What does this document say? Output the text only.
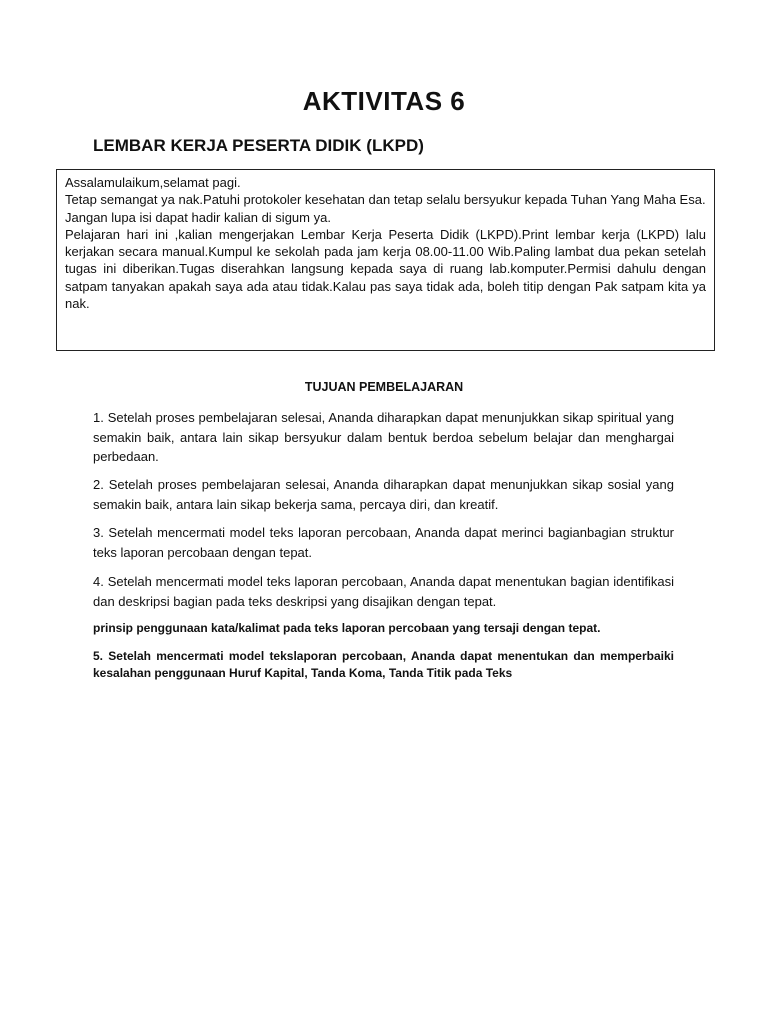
AKTIVITAS 6
LEMBAR KERJA PESERTA DIDIK (LKPD)

Assalamulaikum,selamat pagi.

Tetap semangat ya nak.Patuhi protokoler kesehatan dan tetap selalu bersyukur kepada Tuhan Yang Maha Esa.

Jangan lupa isi dapat hadir kalian di sigum ya.

Pelajaran hari ini ,kalian mengerjakan Lembar Kerja Peserta Didik (LKPD).Print lembar kerja (LKPD) lalu kerjakan secara manual.Kumpul ke sekolah pada jam kerja 08.00-11.00 Wib.Paling lambat dua pekan setelah tugas ini diberikan.Tugas diserahkan langsung kepada saya di ruang lab.komputer.Permisi dahulu dengan satpam tanyakan apakah saya ada atau tidak.Kalau pas saya tidak ada, boleh titip dengan Pak satpam kita ya nak.

TUJUAN PEMBELAJARAN

1. Setelah proses pembelajaran selesai, Ananda diharapkan dapat menunjukkan sikap spiritual yang semakin baik, antara lain sikap bersyukur dalam bentuk berdoa sebelum belajar dan menghargai perbedaan.

2. Setelah proses pembelajaran selesai, Ananda diharapkan dapat menunjukkan sikap sosial yang semakin baik, antara lain sikap bekerja sama, percaya diri, dan kreatif.

3. Setelah mencermati model teks laporan percobaan, Ananda dapat merinci bagianbagian struktur teks laporan percobaan dengan tepat.

4. Setelah mencermati model teks laporan percobaan, Ananda dapat menentukan bagian identifikasi dan deskripsi bagian pada teks deskripsi yang disajikan dengan tepat.

prinsip penggunaan kata/kalimat pada teks laporan percobaan yang tersaji dengan tepat.

5. Setelah mencermati model tekslaporan percobaan, Ananda dapat menentukan dan memperbaiki kesalahan penggunaan Huruf Kapital, Tanda Koma, Tanda Titik pada Teks
